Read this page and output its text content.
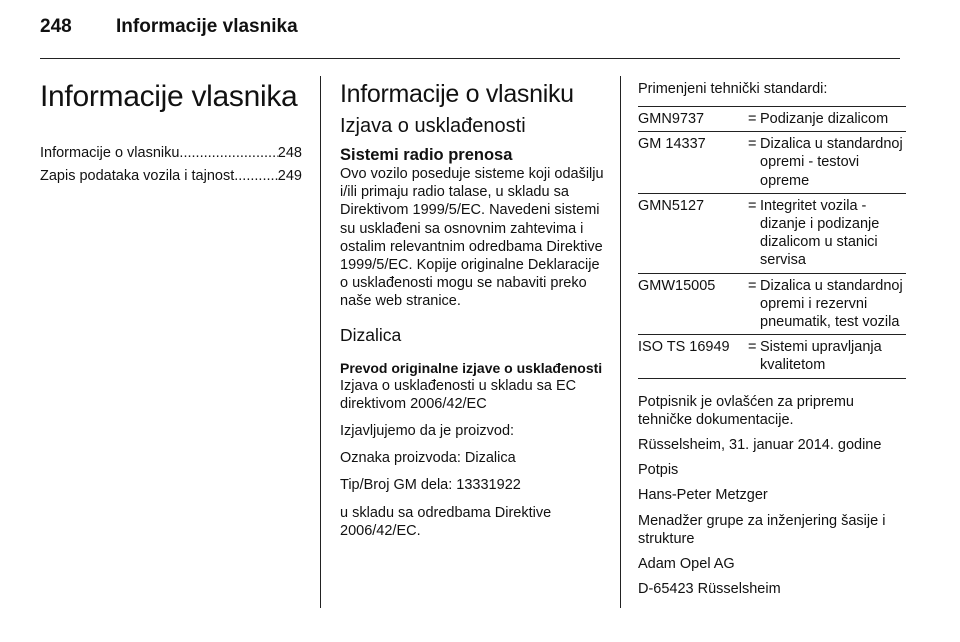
248 Informacije vlasnika
Informacije vlasnika
Informacije o vlasniku .....	248
Zapis podataka vozila i tajnost .....	249
Informacije o vlasniku
Izjava o usklađenosti
Sistemi radio prenosa

Ovo vozilo poseduje sisteme koji odašilju i/ili primaju radio talase, u skladu sa Direktivom 1999/5/EC. Navedeni sistemi su usklađeni sa osnovnim zahtevima i ostalim relevantnim odredbama Direktive 1999/5/EC. Kopije originalne Deklaracije o usklađenosti mogu se nabaviti preko naše web stranice.

Dizalica
Prevod originalne izjave o usklađenosti

Izjava o usklađenosti u skladu sa EC direktivom 2006/42/EC

Izjavljujemo da je proizvod:

Oznaka proizvoda: Dizalica

Tip/Broj GM dela: 13331922

u skladu sa odredbama Direktive 2006/42/EC.

Primenjeni tehnički standardi:
GMN9737	= Podizanje dizalicom
GM 14337	= Dizalica u standardnoj opremi - testovi opreme
GMN5127	= Integritet vozila - dizanje i podizanje dizalicom u stanici servisa
GMW15005	= Dizalica u standardnoj opremi i rezervni pneumatik, test vozila
ISO TS 16949	= Sistemi upravljanja kvalitetom

Potpisnik je ovlašćen za pripremu tehničke dokumentacije.

Rüsselsheim, 31. januar 2014. godine

Potpis

Hans-Peter Metzger

Menadžer grupe za inženjering šasije i strukture

Adam Opel AG

D-65423 Rüsselsheim
